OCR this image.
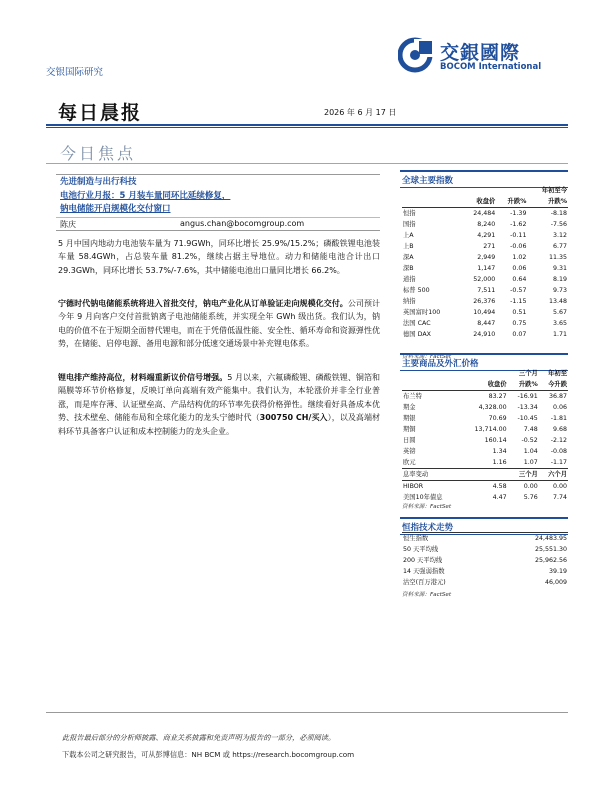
交银国际研究
交銀國際
BOCOM International
每日晨报	2026 年 6 月 17 日
今日焦点
先进制造与出行科技
电池行业月报：5 月装车量同环比延续修复，
钠电储能开启规模化交付窗口
陈庆	angus.chan@bocomgroup.com
5 月中国内地动力电池装车量为 71.9GWh，同环比增长 25.9%/15.2%；磷酸铁锂电池装车量 58.4GWh，占总装车量 81.2%，继续占据主导地位。动力和储能电池合计出口 29.3GWh，同环比增长 53.7%/-7.6%，其中储能电池出口量同比增长 66.2%。
宁德时代钠电储能系统将进入首批交付，钠电产业化从订单验证走向规模化交付。公司预计今年 9 月向客户交付首批钠离子电池储能系统，并实现全年 GWh 级出货。我们认为，钠电的价值不在于短期全面替代锂电，而在于凭借低温性能、安全性、循环寿命和资源弹性优势，在储能、启停电源、备用电源和部分低速交通场景中补充锂电体系。
锂电排产维持高位，材料端重新议价信号增强。5 月以来，六氟磷酸锂、磷酸铁锂、铜箔和隔膜等环节价格修复，反映订单向高端有效产能集中。我们认为，本轮涨价并非全行业普涨，而是库存薄、认证壁垒高、产品结构优的环节率先获得价格弹性。继续看好具备成本优势、技术壁垒、储能布局和全球化能力的龙头宁德时代（300750 CH/买入），以及高端材料环节具备客户认证和成本控制能力的龙头企业。
全球主要指数
			年初至今
	收盘价	升跌%	升跌%
恒指	24,484	-1.39	-8.18
国指	8,240	-1.62	-7.56
上A	4,291	-0.11	3.12
上B	271	-0.06	6.77
深A	2,949	1.02	11.35
深B	1,147	0.06	9.31
道指	52,000	0.64	8.19
标普 500	7,511	-0.57	9.73
纳指	26,376	-1.15	13.48
英国富时100	10,494	0.51	5.67
法国 CAC	8,447	0.75	3.65
德国 DAX	24,910	0.07	1.71
资料来源：FactSet
主要商品及外汇价格
		三个月	年初至
	收盘价	升跌%	今升跌
布兰特	83.27	-16.91	36.87
期金	4,328.00	-13.34	0.06
期银	70.69	-10.45	-1.81
期铜	13,714.00	7.48	9.68
日圆	160.14	-0.52	-2.12
英镑	1.34	1.04	-0.08
欧元	1.16	1.07	-1.17
息率变动		三个月	六个月
HIBOR	4.58	0.00	0.00
美国10年債息	4.47	5.76	7.74
资料来源：FactSet
恒指技术走势
恒生指数	24,483.95
50 天平均线	25,551.30
200 天平均线	25,962.56
14 天强弱指数	39.19
沽空(百万港元)	46,009
资料来源：FactSet
此报告最后部分的分析师披露、商业关系披露和免责声明为报告的一部分，必须阅读。
下载本公司之研究报告，可从彭博信息：NH BCM 或 https://research.bocomgroup.com
